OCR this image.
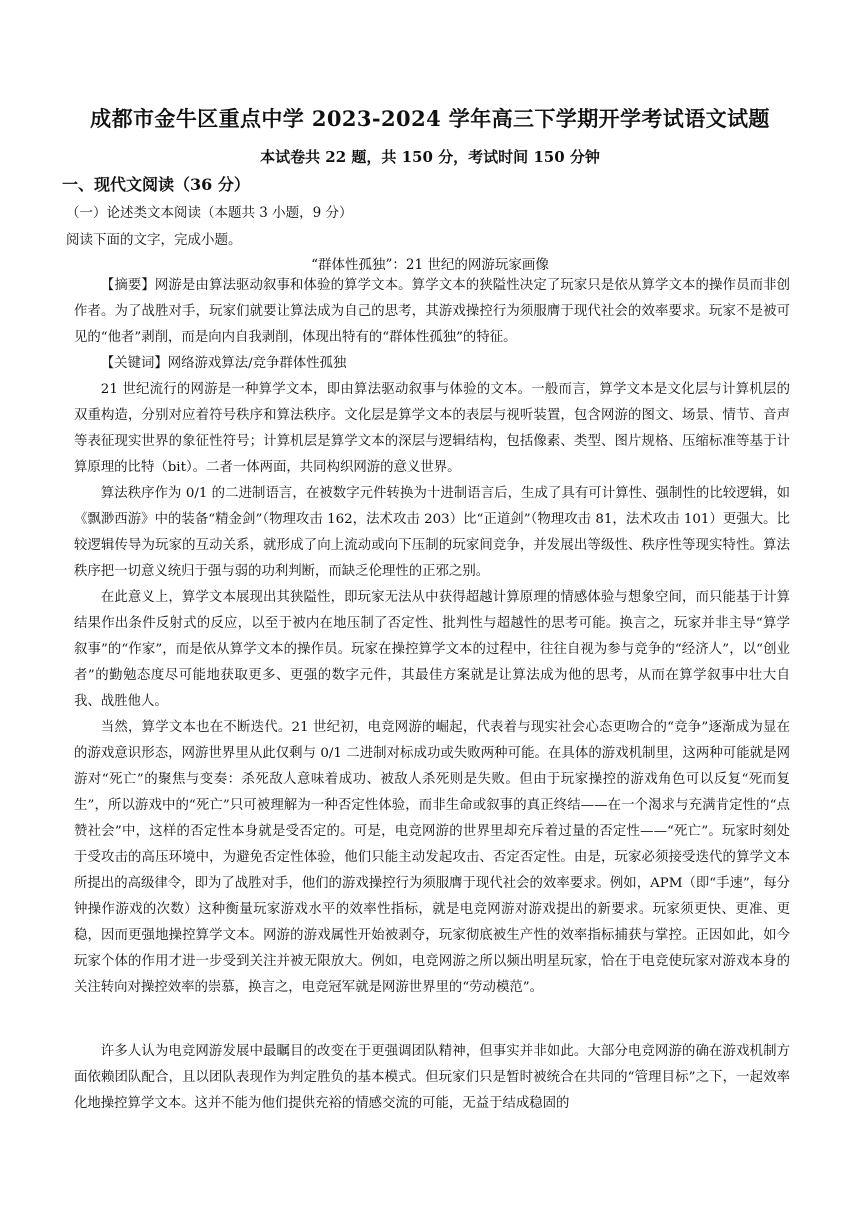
成都市金牛区重点中学 2023-2024 学年高三下学期开学考试语文试题
本试卷共 22 题，共 150 分，考试时间 150 分钟
一、现代文阅读（36 分）
（一）论述类文本阅读（本题共 3 小题，9 分）
阅读下面的文字，完成小题。
“群体性孤独”：21 世纪的网游玩家画像
【摘要】网游是由算法驱动叙事和体验的算学文本。算学文本的狭隘性决定了玩家只是依从算学文本的操作员而非创作者。为了战胜对手，玩家们就要让算法成为自己的思考，其游戏操控行为须服膺于现代社会的效率要求。玩家不是被可见的“他者”剥削，而是向内自我剥削，体现出特有的“群体性孤独”的特征。
【关键词】网络游戏算法/竞争群体性孤独
21 世纪流行的网游是一种算学文本，即由算法驱动叙事与体验的文本。一般而言，算学文本是文化层与计算机层的双重构造，分别对应着符号秩序和算法秩序。文化层是算学文本的表层与视听装置，包含网游的图文、场景、情节、音声等表征现实世界的象征性符号；计算机层是算学文本的深层与逻辑结构，包括像素、类型、图片规格、压缩标准等基于计算原理的比特（bit）。二者一体两面，共同构织网游的意义世界。
算法秩序作为 0/1 的二进制语言，在被数字元件转换为十进制语言后，生成了具有可计算性、强制性的比较逻辑，如《飘渺西游》中的装备“精金剑”（物理攻击 162，法术攻击 203）比“正道剑”（物理攻击 81，法术攻击 101）更强大。比较逻辑传导为玩家的互动关系，就形成了向上流动或向下压制的玩家间竞争，并发展出等级性、秩序性等现实特性。算法秩序把一切意义统归于强与弱的功利判断，而缺乏伦理性的正邪之别。
在此意义上，算学文本展现出其狭隘性，即玩家无法从中获得超越计算原理的情感体验与想象空间，而只能基于计算结果作出条件反射式的反应，以至于被内在地压制了否定性、批判性与超越性的思考可能。换言之，玩家并非主导“算学叙事”的“作家”，而是依从算学文本的操作员。玩家在操控算学文本的过程中，往往自视为参与竞争的“经济人”，以“创业者”的勤勉态度尽可能地获取更多、更强的数字元件，其最佳方案就是让算法成为他的思考，从而在算学叙事中壮大自我、战胜他人。
当然，算学文本也在不断迭代。21 世纪初，电竞网游的崛起，代表着与现实社会心态更吻合的“竞争”逐渐成为显在的游戏意识形态，网游世界里从此仅剩与 0/1 二进制对标成功或失败两种可能。在具体的游戏机制里，这两种可能就是网游对“死亡”的聚焦与变奏：杀死敌人意味着成功、被敌人杀死则是失败。但由于玩家操控的游戏角色可以反复“死而复生”，所以游戏中的“死亡”只可被理解为一种否定性体验，而非生命或叙事的真正终结——在一个渴求与充满肯定性的“点赞社会”中，这样的否定性本身就是受否定的。可是，电竞网游的世界里却充斥着过量的否定性——“死亡”。玩家时刻处于受攻击的高压环境中，为避免否定性体验，他们只能主动发起攻击、否定否定性。由是，玩家必须接受迭代的算学文本所提出的高级律令，即为了战胜对手，他们的游戏操控行为须服膺于现代社会的效率要求。例如，APM（即“手速”，每分钟操作游戏的次数）这种衡量玩家游戏水平的效率性指标，就是电竞网游对游戏提出的新要求。玩家须更快、更准、更稳，因而更强地操控算学文本。网游的游戏属性开始被剥夺，玩家彻底被生产性的效率指标捕获与掌控。正因如此，如今玩家个体的作用才进一步受到关注并被无限放大。例如，电竞网游之所以频出明星玩家，恰在于电竞使玩家对游戏本身的关注转向对操控效率的崇慕，换言之，电竞冠军就是网游世界里的“劳动模范”。
许多人认为电竞网游发展中最瞩目的改变在于更强调团队精神，但事实并非如此。大部分电竞网游的确在游戏机制方面依赖团队配合，且以团队表现作为判定胜负的基本模式。但玩家们只是暂时被统合在共同的“管理目标”之下，一起效率化地操控算学文本。这并不能为他们提供充裕的情感交流的可能，无益于结成稳固的
